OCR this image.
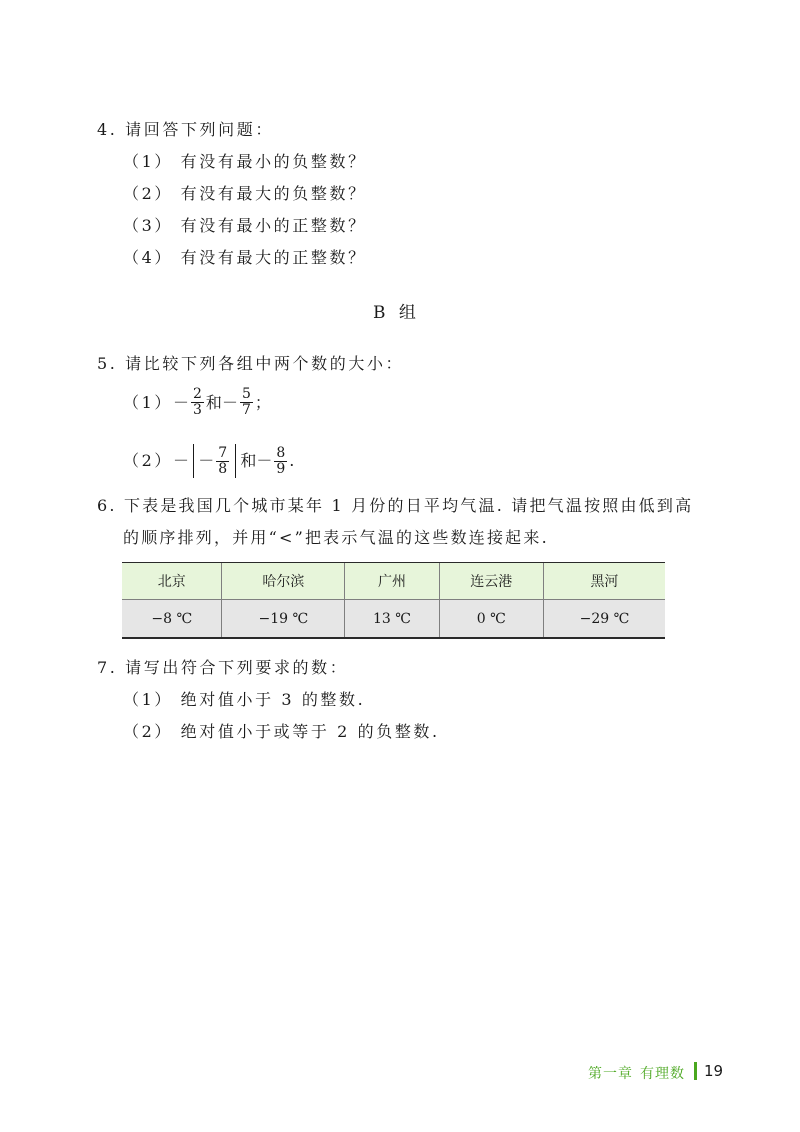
4. 请回答下列问题：
（1） 有没有最小的负整数？
（2） 有没有最大的负整数？
（3） 有没有最小的正整数？
（4） 有没有最大的正整数？
B 组
5. 请比较下列各组中两个数的大小：
$(1) - \frac{2}{3}$ 和 － $\frac{5}{7}$ ；
（2） － － $\frac{7}{8}$ 和 － $\frac{8}{9}$ .
6. 下表是我国几个城市某年 1 月份的日平均气温. 请把气温按照由低到高
的顺序排列，并用“<”把表示气温的这些数连接起来.
北京	哈尔滨	广州	连云港	黑河
−8 ℃	−19 ℃	13 ℃	0 ℃	−29 ℃
7. 请写出符合下列要求的数：
（1） 绝对值小于 3 的整数.
（2） 绝对值小于或等于 2 的负整数.
第一章 有理数 19
